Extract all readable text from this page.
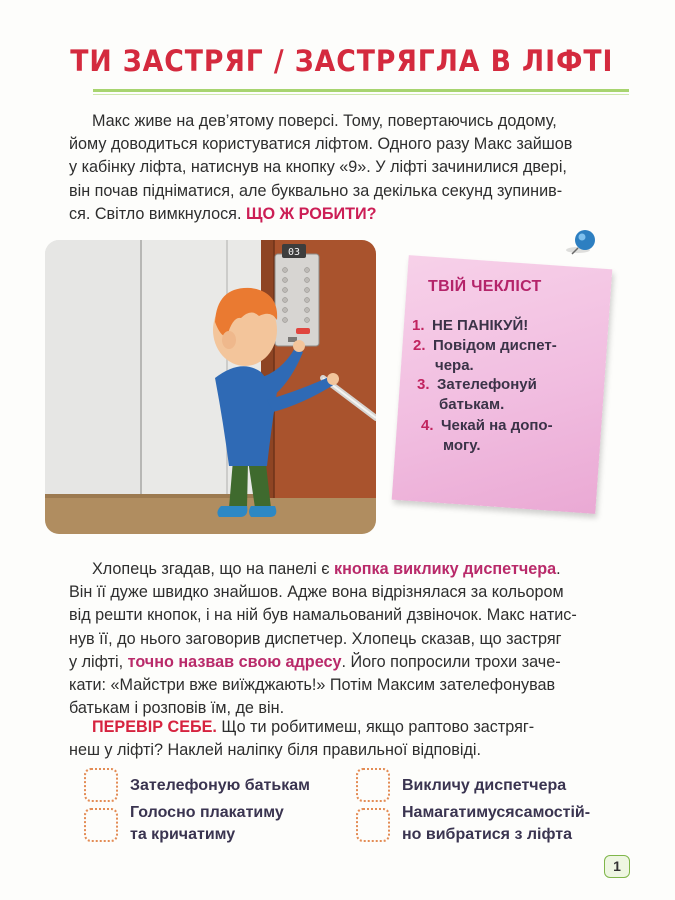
ТИ ЗАСТРЯГ / ЗАСТРЯГЛА В ЛІФТІ

Макс живе на дев’ятому поверсі. Тому, повертаючись додому,
йому доводиться користуватися ліфтом. Одного разу Макс зайшов
у кабінку ліфта, натиснув на кнопку «9». У ліфті зачинилися двері,
він почав підніматися, але буквально за декілька секунд зупинив-
ся. Світло вимкнулося. ЩО Ж РОБИТИ?

03
ТВІЙ ЧЕКЛІСТ
1. НЕ ПАНІКУЙ!
2. Повідом диспет-
чера.
3. Зателефонуй
батькам.
4. Чекай на допо-
могу.

Хлопець згадав, що на панелі є кнопка виклику диспетчера.
Він її дуже швидко знайшов. Адже вона відрізнялася за кольором
від решти кнопок, і на ній був намальований дзвіночок. Макс натис-
нув її, до нього заговорив диспетчер. Хлопець сказав, що застряг
у ліфті, точно назвав свою адресу. Його попросили трохи заче-
кати: «Майстри вже виїжджають!» Потім Максим зателефонував
батькам і розповів їм, де він.

ПЕРЕВІР СЕБЕ. Що ти робитимеш, якщо раптово застряг-
неш у ліфті? Наклей наліпку біля правильної відповіді.

Зателефоную батькам	Викличу диспетчера
Голосно плакатиму
та кричатиму
Намагатимусясамостій-
но вибратися з ліфта
1
